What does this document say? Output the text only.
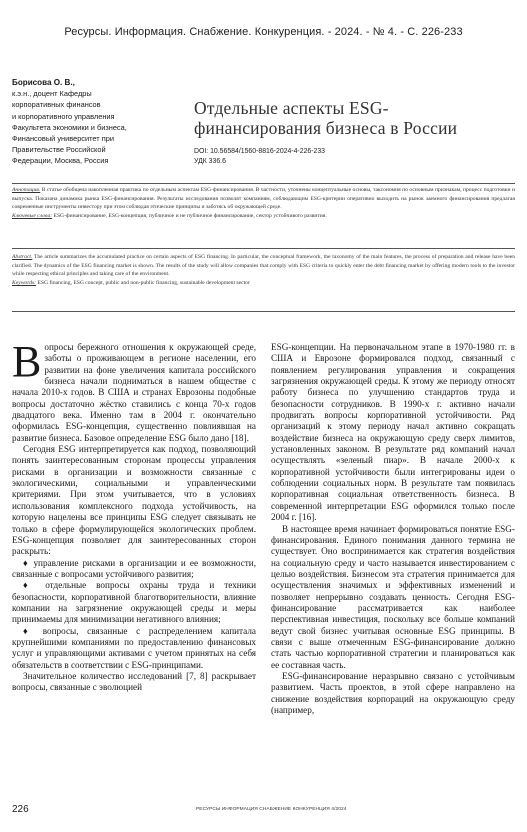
Ресурсы. Информация. Снабжение. Конкуренция. - 2024. - № 4. - С. 226-233
Борисова О. В.,
к.э.н., доцент Кафедры
корпоративных финансов
и корпоративного управления
Факультета экономики и бизнеса,
Финансовый университет при
Правительстве Российской
Федерации, Москва, Россия
Отдельные аспекты ESG-
финансирования бизнеса в России
DOI: 10.56584/1560-8816-2024-4-226-233
УДК 336.6
Аннотация. В статье обобщена накопленная практика по отдельным аспектам ESG-финансирования. В частности, уточнены концептуальные основы, таксономия по основным признакам, процесс подготовки и выпуска. Показана динамика рынка ESG-финансирования. Результаты исследования позволят компаниям, соблюдающим ESG-критерии оперативно выходить на рынок заемного финансирования предлагая современные инструменты инвестору при этом соблюдая этические принципы и заботясь об окружающей среде.
Ключевые слова: ESG-финансирование, ESG-концепция, публичное и не публичное финансирование, сектор устойчивого развития.
Abstract. The article summarizes the accumulated practice on certain aspects of ESG financing. In particular, the conceptual framework, the taxonomy of the main features, the process of preparation and release have been clarified. The dynamics of the ESG financing market is shown. The results of the study will allow companies that comply with ESG criteria to quickly enter the debt financing market by offering modern tools to the investor while respecting ethical principles and taking care of the environment.
Keywords: ESG financing, ESG concept, public and non-public financing, sustainable development sector

Вопросы бережного отношения к окружающей среде, заботы о проживающем в регионе населении, его развитии на фоне увеличения капитала российского бизнеса начали подниматься в нашем обществе с начала 2010-х годов. В США и странах Еврозоны подобные вопросы достаточно жёстко ставились с конца 70-х годов двадцатого века. Именно там в 2004 г. окончательно оформилась ESG-концепция, существенно повлиявшая на развитие бизнеса. Базовое определение ESG было дано [18].

Сегодня ESG интерпретируется как подход, позволяющий понять заинтересованным сторонам процессы управления рисками в организации и возможности связанные с экологическими, социальными и управленческими критериями. При этом учитывается, что в условиях использования комплексного подхода устойчивость, на которую нацелены все принципы ESG следует связывать не только в сфере формулирующейся экологических проблем. ESG-концепция позволяет для заинтересованных сторон раскрыть:

♦ управление рисками в организации и ее возможности, связанные с вопросами устойчивого развития;

♦ отдельные вопросы охраны труда и техники безопасности, корпоративной благотворительности, влияние компании на загрязнение окружающей среды и меры принимаемы для минимизации негативного влияния;

♦ вопросы, связанные с распределением капитала крупнейшими компаниями по предоставлению финансовых услуг и управляющими активами с учетом принятых на себя обязательств в соответствии с ESG-принципами.

Значительное количество исследований [7, 8] раскрывает вопросы, связанные с эволюцией

ESG-концепции. На первоначальном этапе в 1970-1980 гг. в США и Еврозоне формировался подход, связанный с появлением регулирования управления и сокращения загрязнения окружающей среды. К этому же периоду относят работу бизнеса по улучшению стандартов труда и безопасности сотрудников. В 1990-х г. активно начали продвигать вопросы корпоративной устойчивости. Ряд организаций к этому периоду начал активно сокращать воздействие бизнеса на окружающую среду сверх лимитов, установленных законом. В результате ряд компаний начал осуществлять «зеленый пиар». В начале 2000-х к корпоративной устойчивости были интегрированы идеи о соблюдении социальных норм. В результате там появилась корпоративная социальная ответственность бизнеса. В современной интерпретации ESG оформился только после 2004 г. [16].

В настоящее время начинает формироваться понятие ESG-финансирования. Единого понимания данного термина не существует. Оно воспринимается как стратегия воздействия на социальную среду и часто называется инвестированием с целью воздействия. Бизнесом эта стратегия принимается для осуществления значимых и эффективных изменений и позволяет непрерывно создавать ценность. Сегодня ESG-финансирование рассматривается как наиболее перспективная инвестиция, поскольку все больше компаний ведут свой бизнес учитывая основные ESG принципы. В связи с выше отмеченным ESG-финансирование должно стать частью корпоративной стратегии и планироваться как ее составная часть.

ESG-финансирование неразрывно связано с устойчивым развитием. Часть проектов, в этой сфере направлено на снижение воздействия корпораций на окружающую среду (например,

226	РЕСУРСЫ ИНФОРМАЦИЯ СНАБЖЕНИЕ КОНКУРЕНЦИЯ 4/2024
